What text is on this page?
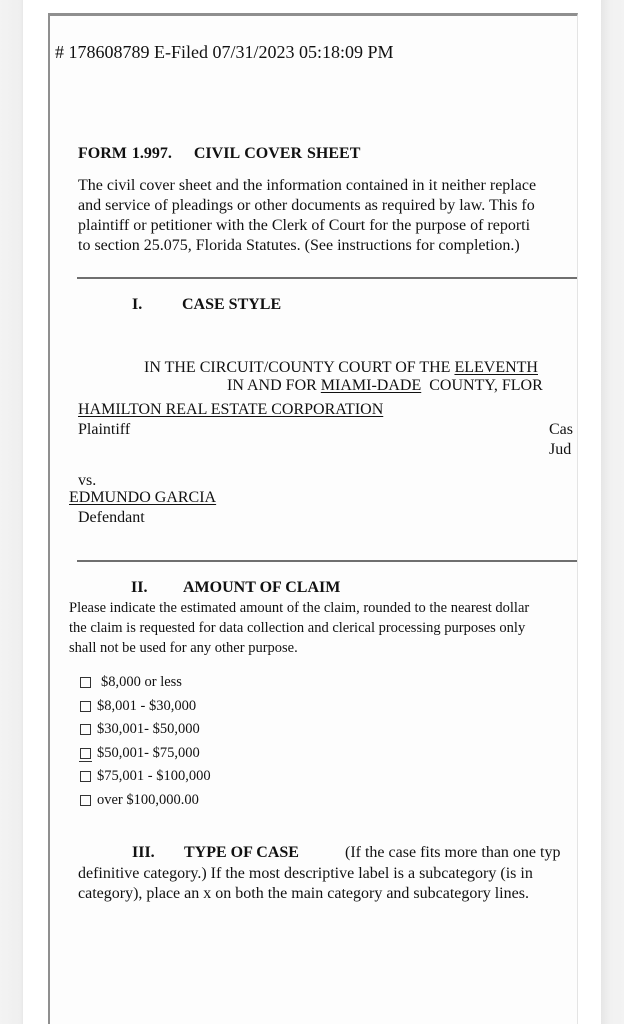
# 178608789 E-Filed 07/31/2023 05:18:09 PM
FORM 1.997. CIVIL COVER SHEET
The civil cover sheet and the information contained in it neither replace
and service of pleadings or other documents as required by law. This fo
plaintiff or petitioner with the Clerk of Court for the purpose of reporti
to section 25.075, Florida Statutes. (See instructions for completion.)
I. CASE STYLE
IN THE CIRCUIT/COUNTY COURT OF THE ELEVENTH
IN AND FOR MIAMI-DADE  COUNTY, FLOR
HAMILTON REAL ESTATE CORPORATION
Plaintiff	Cas
Jud
vs.
EDMUNDO GARCIA
Defendant
II. AMOUNT OF CLAIM
Please indicate the estimated amount of the claim, rounded to the nearest dollar
the claim is requested for data collection and clerical processing purposes only
shall not be used for any other purpose.
$8,000 or less
$8,001 - $30,000
$30,001- $50,000
$50,001- $75,000
$75,001 - $100,000
over $100,000.00
III. TYPE OF CASE	(If the case fits more than one typ
definitive category.) If the most descriptive label is a subcategory (is in
category), place an x on both the main category and subcategory lines.
